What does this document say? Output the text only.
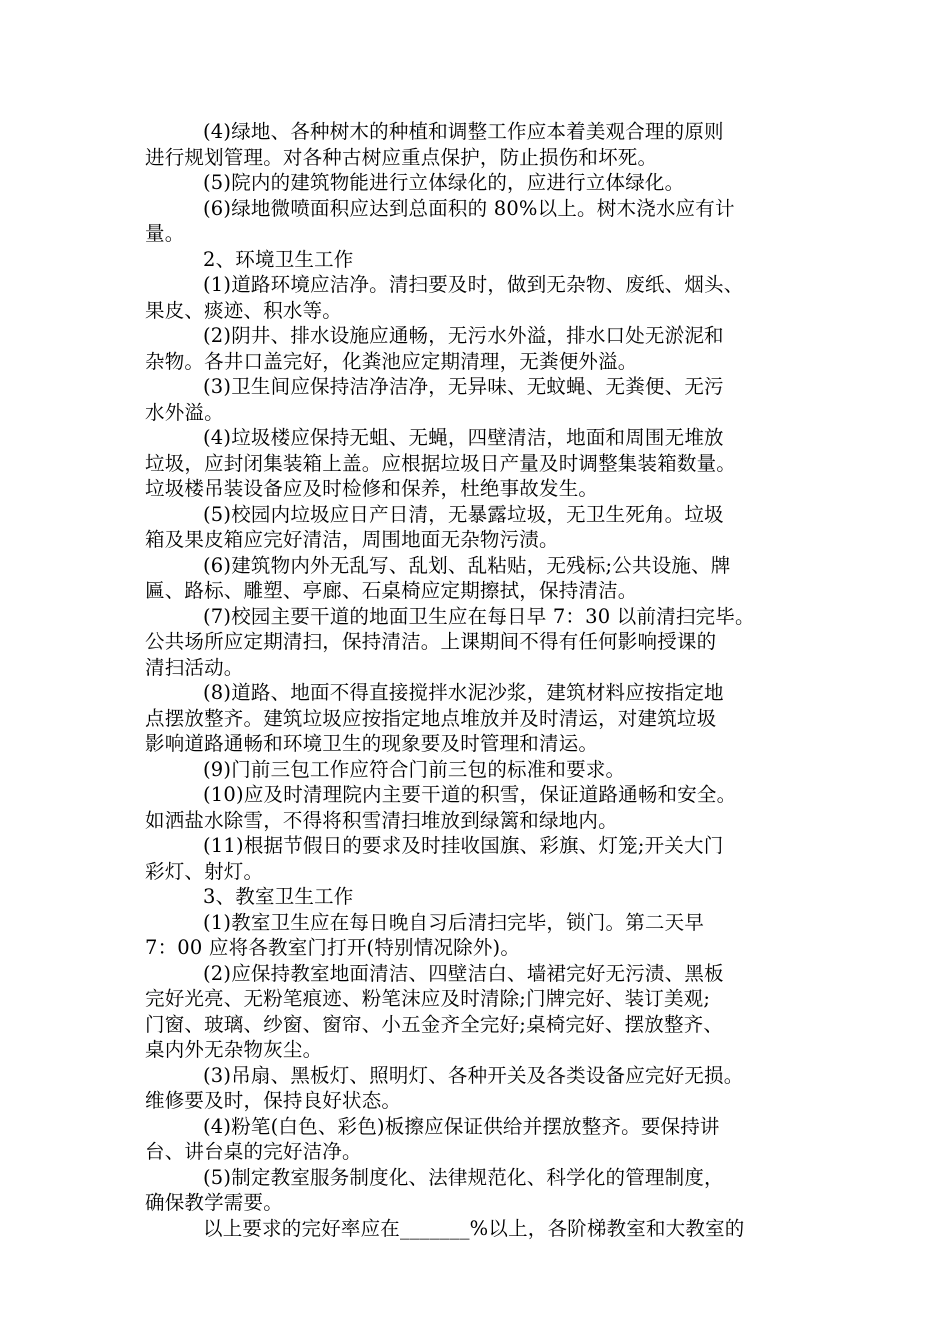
(4)绿地、各种树木的种植和调整工作应本着美观合理的原则
进行规划管理。对各种古树应重点保护，防止损伤和坏死。
(5)院内的建筑物能进行立体绿化的，应进行立体绿化。
(6)绿地微喷面积应达到总面积的 80%以上。树木浇水应有计
量。
2、环境卫生工作
(1)道路环境应洁净。清扫要及时，做到无杂物、废纸、烟头、
果皮、痰迹、积水等。
(2)阴井、排水设施应通畅，无污水外溢，排水口处无淤泥和
杂物。各井口盖完好，化粪池应定期清理，无粪便外溢。
(3)卫生间应保持洁净洁净，无异味、无蚊蝇、无粪便、无污
水外溢。
(4)垃圾楼应保持无蛆、无蝇，四壁清洁，地面和周围无堆放
垃圾，应封闭集装箱上盖。应根据垃圾日产量及时调整集装箱数量。
垃圾楼吊装设备应及时检修和保养，杜绝事故发生。
(5)校园内垃圾应日产日清，无暴露垃圾，无卫生死角。垃圾
箱及果皮箱应完好清洁，周围地面无杂物污渍。
(6)建筑物内外无乱写、乱划、乱粘贴，无残标;公共设施、牌
匾、路标、雕塑、亭廊、石桌椅应定期擦拭，保持清洁。
(7)校园主要干道的地面卫生应在每日早 7：30 以前清扫完毕。
公共场所应定期清扫，保持清洁。上课期间不得有任何影响授课的
清扫活动。
(8)道路、地面不得直接搅拌水泥沙浆，建筑材料应按指定地
点摆放整齐。建筑垃圾应按指定地点堆放并及时清运，对建筑垃圾
影响道路通畅和环境卫生的现象要及时管理和清运。
(9)门前三包工作应符合门前三包的标准和要求。
(10)应及时清理院内主要干道的积雪，保证道路通畅和安全。
如洒盐水除雪，不得将积雪清扫堆放到绿篱和绿地内。
(11)根据节假日的要求及时挂收国旗、彩旗、灯笼;开关大门
彩灯、射灯。
3、教室卫生工作
(1)教室卫生应在每日晚自习后清扫完毕，锁门。第二天早
7：00 应将各教室门打开(特别情况除外)。
(2)应保持教室地面清洁、四壁洁白、墙裙完好无污渍、黑板
完好光亮、无粉笔痕迹、粉笔沫应及时清除;门牌完好、装订美观;
门窗、玻璃、纱窗、窗帘、小五金齐全完好;桌椅完好、摆放整齐、
桌内外无杂物灰尘。
(3)吊扇、黑板灯、照明灯、各种开关及各类设备应完好无损。
维修要及时，保持良好状态。
(4)粉笔(白色、彩色)板擦应保证供给并摆放整齐。要保持讲
台、讲台桌的完好洁净。
(5)制定教室服务制度化、法律规范化、科学化的管理制度，
确保教学需要。
以上要求的完好率应在_______%以上，各阶梯教室和大教室的
